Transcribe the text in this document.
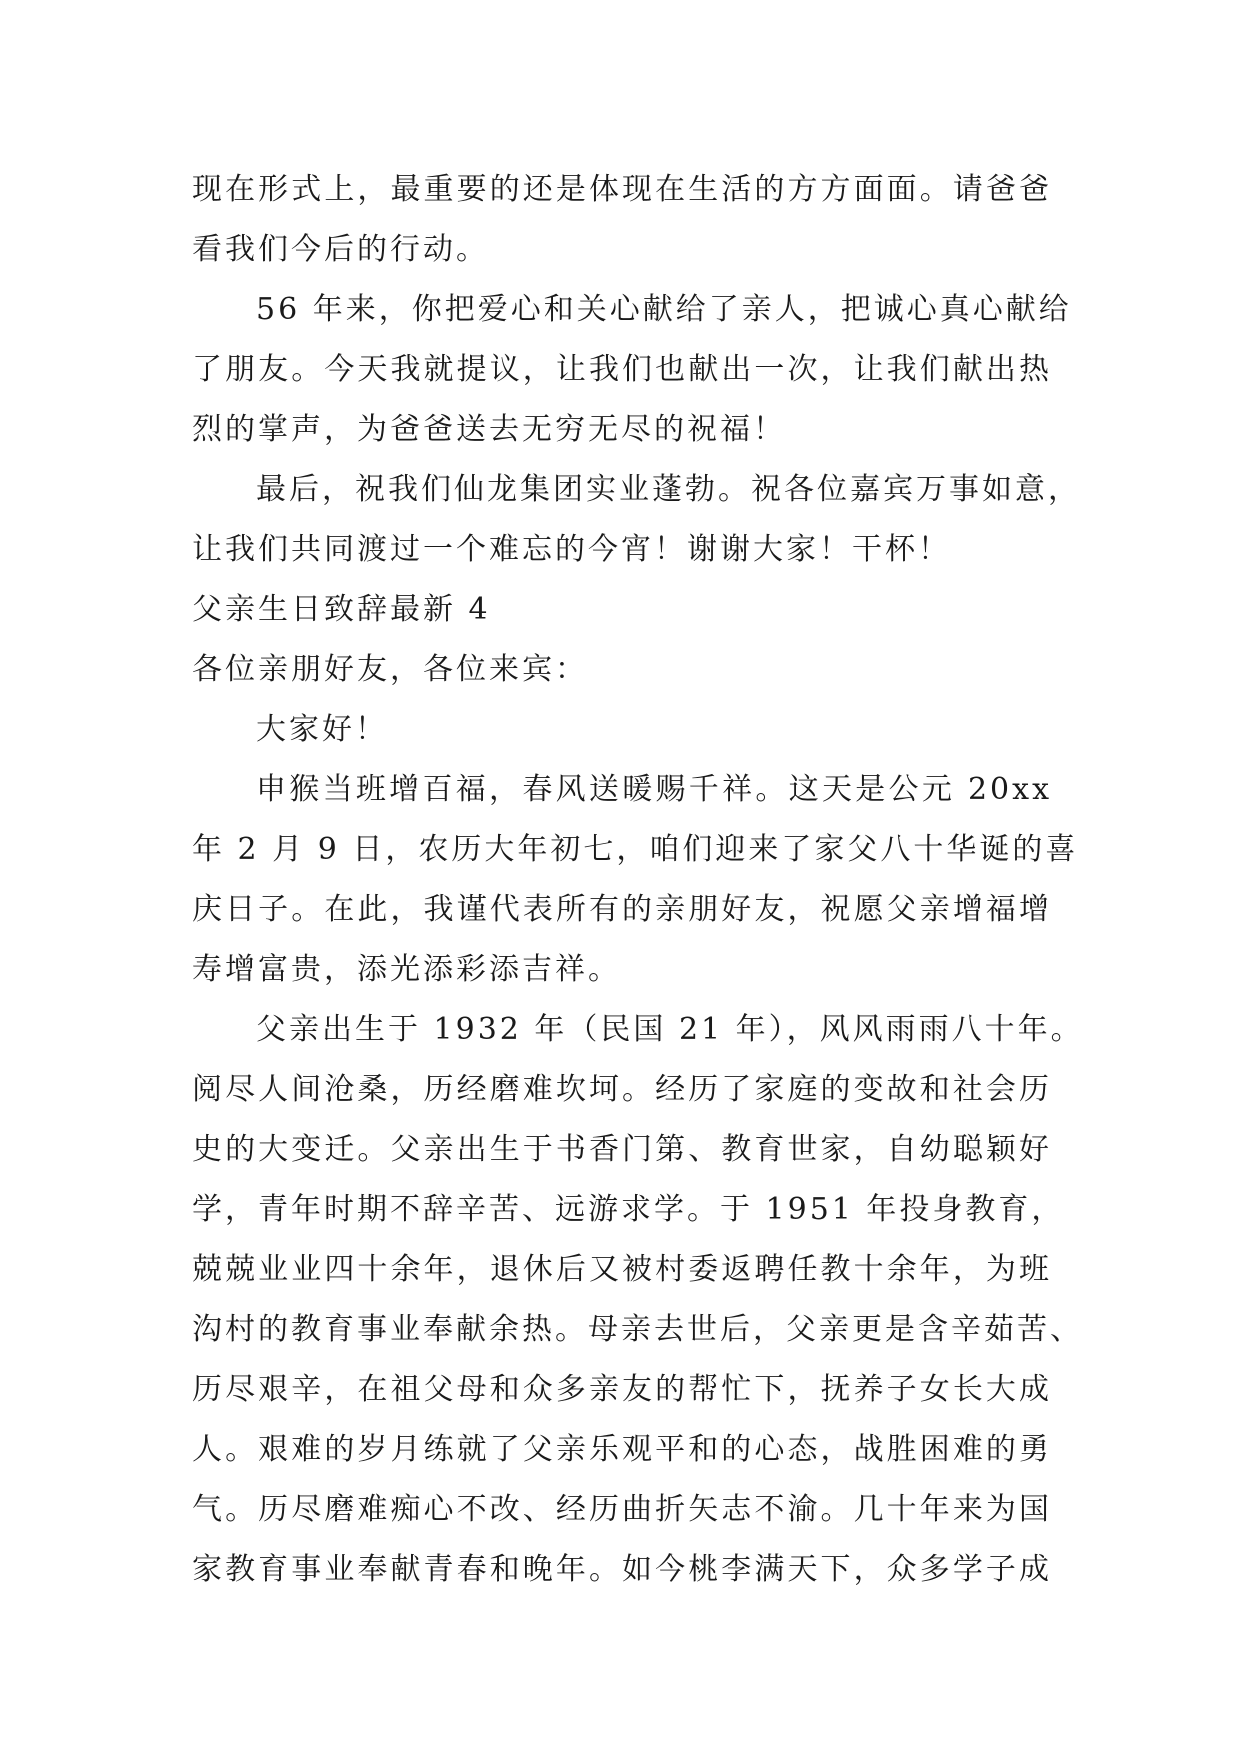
现在形式上，最重要的还是体现在生活的方方面面。请爸爸
看我们今后的行动。
56 年来，你把爱心和关心献给了亲人，把诚心真心献给
了朋友。今天我就提议，让我们也献出一次，让我们献出热
烈的掌声，为爸爸送去无穷无尽的祝福！
最后，祝我们仙龙集团实业蓬勃。祝各位嘉宾万事如意，
让我们共同渡过一个难忘的今宵！谢谢大家！干杯！
父亲生日致辞最新 4
各位亲朋好友，各位来宾：
大家好！
申猴当班增百福，春风送暖赐千祥。这天是公元 20xx
年 2 月 9 日，农历大年初七，咱们迎来了家父八十华诞的喜
庆日子。在此，我谨代表所有的亲朋好友，祝愿父亲增福增
寿增富贵，添光添彩添吉祥。
父亲出生于 1932 年（民国 21 年），风风雨雨八十年。
阅尽人间沧桑，历经磨难坎坷。经历了家庭的变故和社会历
史的大变迁。父亲出生于书香门第、教育世家，自幼聪颖好
学，青年时期不辞辛苦、远游求学。于 1951 年投身教育，
兢兢业业四十余年，退休后又被村委返聘任教十余年，为班
沟村的教育事业奉献余热。母亲去世后，父亲更是含辛茹苦、
历尽艰辛，在祖父母和众多亲友的帮忙下，抚养子女长大成
人。艰难的岁月练就了父亲乐观平和的心态，战胜困难的勇
气。历尽磨难痴心不改、经历曲折矢志不渝。几十年来为国
家教育事业奉献青春和晚年。如今桃李满天下，众多学子成
